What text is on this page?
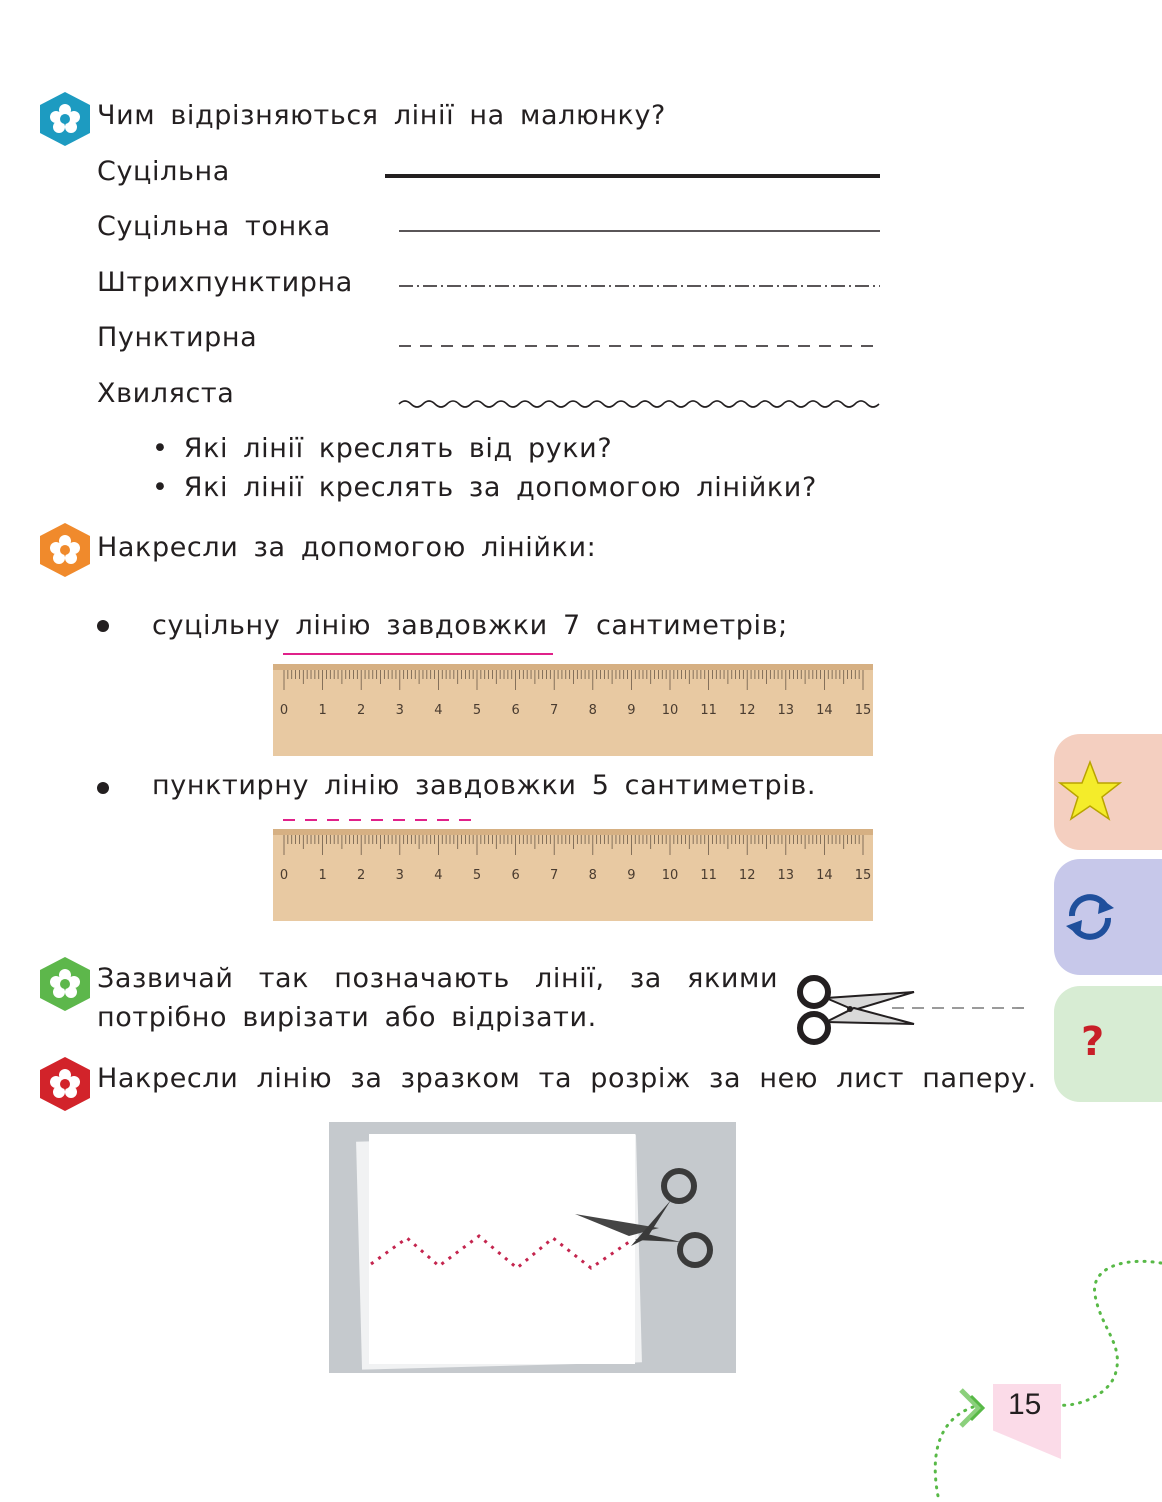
Чим відрізняються лінії на малюнку?
Суцільна
Суцільна тонка
Штрихпунктирна
Пунктирна
Хвиляста
• Які лінії креслять від руки?
• Які лінії креслять за допомогою лінійки?
Накресли за допомогою лінійки:
суцільну лінію завдовжки 7 сантиметрів;
0 1 2 3 4 5 6 7 8 9 10 11 12 13 14 15
пунктирну лінію завдовжки 5 сантиметрів.
0 1 2 3 4 5 6 7 8 9 10 11 12 13 14 15
Зазвичай так позначають лінії, за якими
потрібно вирізати або відрізати.
Накресли лінію за зразком та розріж за нею лист паперу.
?
15
